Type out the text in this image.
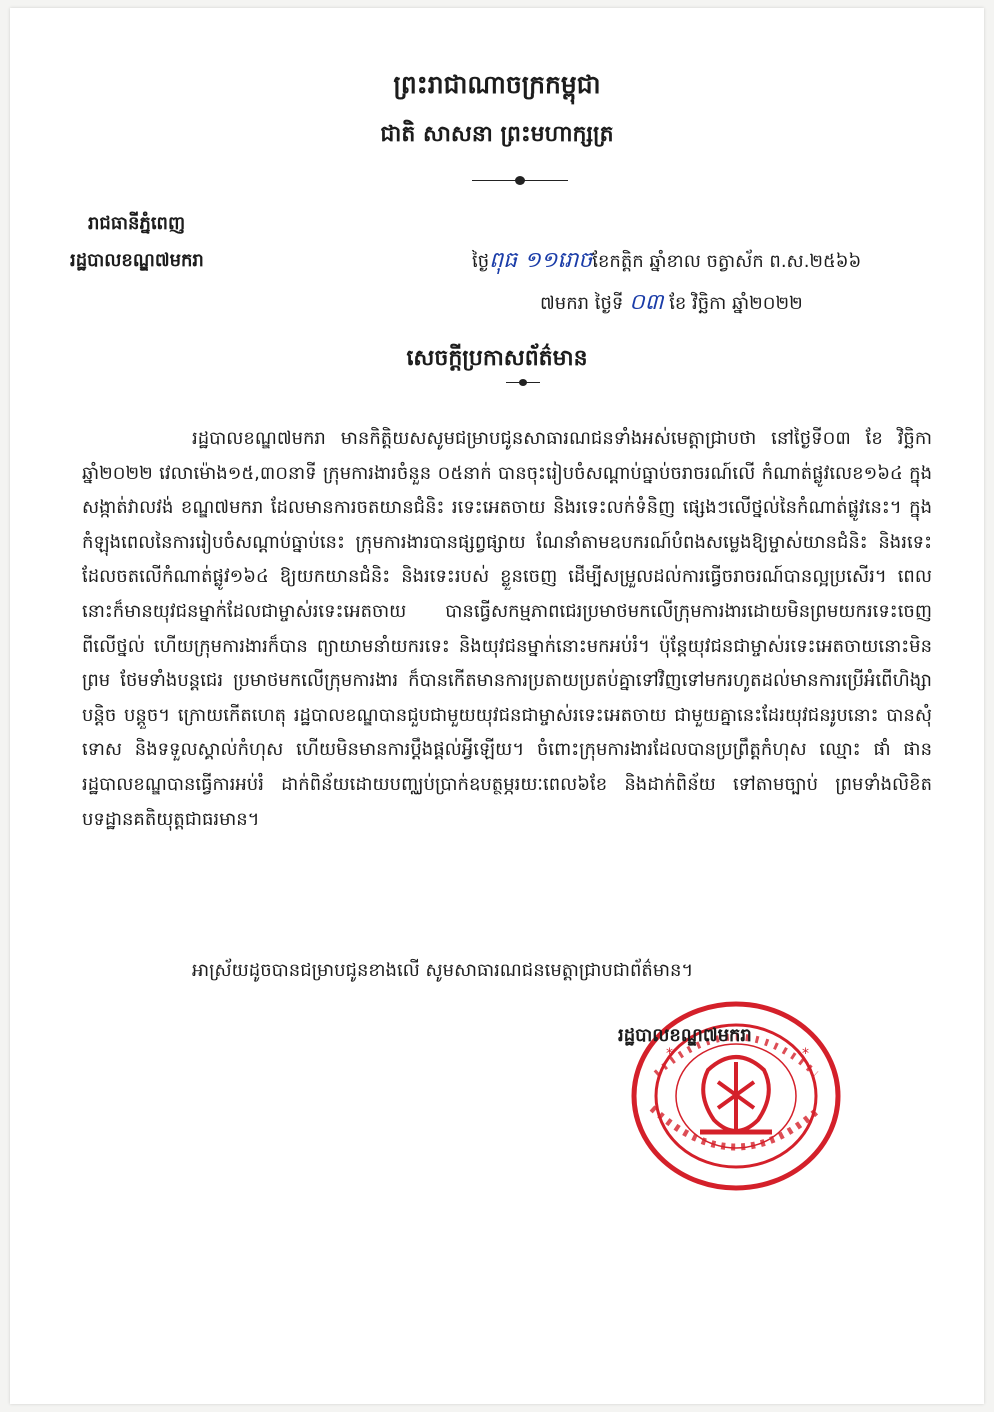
ព្រះរាជាណាចក្រកម្ពុជា
ជាតិ សាសនា ព្រះមហាក្សត្រ
រាជធានីភ្នំពេញ
រដ្ឋបាលខណ្ឌ៧មករា	ថ្ងៃពុធ ១១រោចខែកត្តិក ឆ្នាំខាល ចត្វាស័ក ព.ស.២៥៦៦
៧មករា ថ្ងៃទី ០៣ ខែ វិច្ឆិកា ឆ្នាំ២០២២
សេចក្តីប្រកាសព័ត៌មាន
រដ្ឋបាលខណ្ឌ៧មករា មានកិត្តិយសសូមជម្រាបជូនសាធារណជនទាំងអស់មេត្តាជ្រាបថា នៅថ្ងៃទី០៣ ខែ វិច្ឆិកា ឆ្នាំ២០២២ វេលាម៉ោង១៥,៣០នាទី ក្រុមការងារចំនួន ០៥នាក់ បានចុះរៀបចំសណ្តាប់ធ្នាប់ចរាចរណ៍លើ កំណាត់ផ្លូវលេខ១៦៤ ក្នុងសង្កាត់វាលវង់ ខណ្ឌ៧មករា ដែលមានការចតយានជំនិះ រទេះអេតចាយ និងរទេះលក់ទំនិញ ផ្សេងៗលើថ្នល់នៃកំណាត់ផ្លូវនេះ។ ក្នុងកំឡុងពេលនៃការរៀបចំសណ្តាប់ធ្នាប់នេះ ក្រុមការងារបានផ្សព្វផ្សាយ ណែនាំតាមឧបករណ៍បំពងសម្លេងឱ្យម្ចាស់យានជំនិះ និងរទេះដែលចតលើកំណាត់ផ្លូវ១៦៤ ឱ្យយកយានជំនិះ និងរទេះរបស់ ខ្លួនចេញ ដើម្បីសម្រួលដល់ការធ្វើចរាចរណ៍បានល្អប្រសើរ។ ពេលនោះក៏មានយុវជនម្នាក់ដែលជាម្ចាស់រទេះអេតចាយ បានធ្វើសកម្មភាពជេរប្រមាថមកលើក្រុមការងារដោយមិនព្រមយករទេះចេញពីលើថ្នល់ ហើយក្រុមការងារក៏បាន ព្យាយាមនាំយករទេះ និងយុវជនម្នាក់នោះមកអប់រំ។ ប៉ុន្តែយុវជនជាម្ចាស់រទេះអេតចាយនោះមិនព្រម ថែមទាំងបន្តជេរ ប្រមាថមកលើក្រុមការងារ ក៏បានកើតមានការប្រតាយប្រតប់គ្នាទៅវិញទៅមករហូតដល់មានការប្រើអំពើហិង្សាបន្តិច បន្តួច។ ក្រោយកើតហេតុ រដ្ឋបាលខណ្ឌបានជួបជាមួយយុវជនជាម្ចាស់រទេះអេតចាយ ជាមួយគ្នានេះដែរយុវជនរូបនោះ បានសុំទោស និងទទួលស្គាល់កំហុស ហើយមិនមានការប្តឹងផ្តល់អ្វីឡើយ។ ចំពោះក្រុមការងារដែលបានប្រព្រឹត្តកំហុស ឈ្មោះ ផាំ ផាន រដ្ឋបាលខណ្ឌបានធ្វើការអប់រំ ដាក់ពិន័យដោយបញ្ឈប់ប្រាក់ឧបត្ថម្ភរយៈពេល៦ខែ និងដាក់ពិន័យ ទៅតាមច្បាប់ ព្រមទាំងលិខិតបទដ្ឋានគតិយុត្តជាធរមាន។
អាស្រ័យដូចបានជម្រាបជូនខាងលើ សូមសាធារណជនមេត្តាជ្រាបជាព័ត៌មាន។
*	*
រដ្ឋបាលខណ្ឌ៧មករា
